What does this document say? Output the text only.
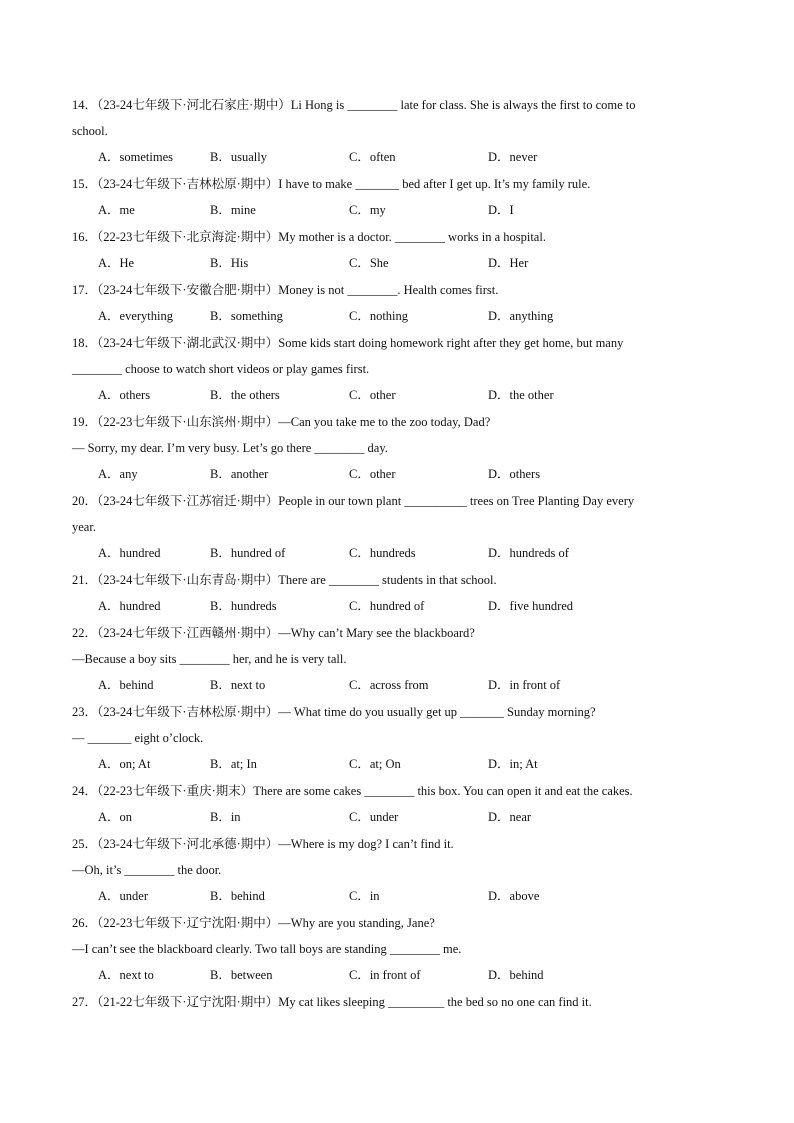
14．（23-24七年级下·河北石家庄·期中）Li Hong is ________ late for class. She is always the first to come to
school.
A．sometimes	B．usually	C．often	D．never
15．（23-24七年级下·吉林松原·期中）I have to make _______ bed after I get up. It’s my family rule.
A．me	B．mine	C．my	D．I
16．（22-23七年级下·北京海淀·期中）My mother is a doctor. ________ works in a hospital.
A．He	B．His	C．She	D．Her
17．（23-24七年级下·安徽合肥·期中）Money is not ________. Health comes first.
A．everything	B．something	C．nothing	D．anything
18．（23-24七年级下·湖北武汉·期中）Some kids start doing homework right after they get home, but many
________ choose to watch short videos or play games first.
A．others	B．the others	C．other	D．the other
19．（22-23七年级下·山东滨州·期中）—Can you take me to the zoo today, Dad?
— Sorry, my dear. I’m very busy. Let’s go there ________ day.
A．any	B．another	C．other	D．others
20．（23-24七年级下·江苏宿迁·期中）People in our town plant __________ trees on Tree Planting Day every
year.
A．hundred	B．hundred of	C．hundreds	D．hundreds of
21．（23-24七年级下·山东青岛·期中）There are ________ students in that school.
A．hundred	B．hundreds	C．hundred of	D．five hundred
22．（23-24七年级下·江西赣州·期中）—Why can’t Mary see the blackboard?
—Because a boy sits ________ her, and he is very tall.
A．behind	B．next to	C．across from	D．in front of
23．（23-24七年级下·吉林松原·期中）— What time do you usually get up _______ Sunday morning?
— _______ eight o’clock.
A．on; At	B．at; In	C．at; On	D．in; At
24．（22-23七年级下·重庆·期末）There are some cakes ________ this box. You can open it and eat the cakes.
A．on	B．in	C．under	D．near
25．（23-24七年级下·河北承德·期中）—Where is my dog? I can’t find it.
—Oh, it’s ________ the door.
A．under	B．behind	C．in	D．above
26．（22-23七年级下·辽宁沈阳·期中）—Why are you standing, Jane?
—I can’t see the blackboard clearly. Two tall boys are standing ________ me.
A．next to	B．between	C．in front of	D．behind
27．（21-22七年级下·辽宁沈阳·期中）My cat likes sleeping _________ the bed so no one can find it.
